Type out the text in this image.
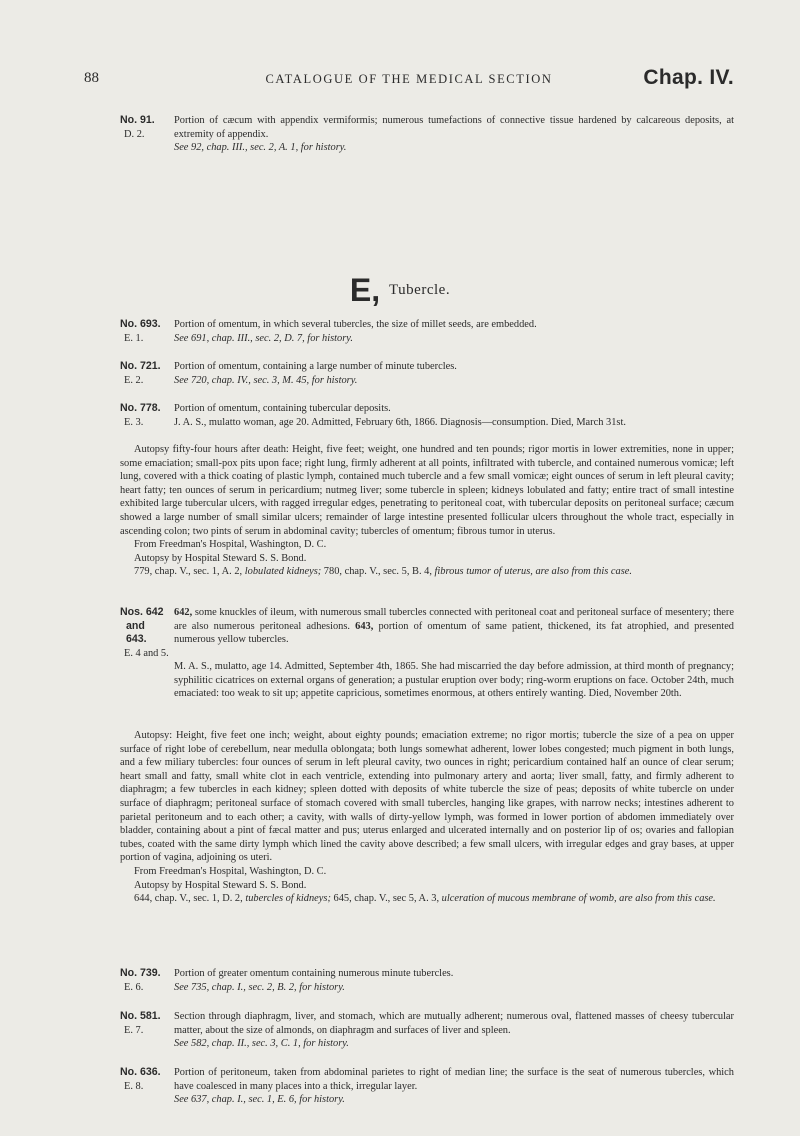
88	CATALOGUE OF THE MEDICAL SECTION	Chap. IV.
No. 91.
D. 2.
Portion of cæcum with appendix vermiformis; numerous tumefactions of connective tissue hardened by calcareous deposits, at extremity of appendix.
See 92, chap. III., sec. 2, A. 1, for history.
E, Tubercle.
No. 693.
E. 1.
Portion of omentum, in which several tubercles, the size of millet seeds, are embedded.
See 691, chap. III., sec. 2, D. 7, for history.
No. 721.
E. 2.
Portion of omentum, containing a large number of minute tubercles.
See 720, chap. IV., sec. 3, M. 45, for history.
No. 778.
E. 3.
Portion of omentum, containing tubercular deposits.
J. A. S., mulatto woman, age 20. Admitted, February 6th, 1866. Diagnosis—consumption. Died, March 31st.
Autopsy fifty-four hours after death: Height, five feet; weight, one hundred and ten pounds; rigor mortis in lower extremities, none in upper; some emaciation; small-pox pits upon face; right lung, firmly adherent at all points, infiltrated with tubercle, and contained numerous vomicæ; left lung, covered with a thick coating of plastic lymph, contained much tubercle and a few small vomicæ; eight ounces of serum in left pleural cavity; heart fatty; ten ounces of serum in pericardium; nutmeg liver; some tubercle in spleen; kidneys lobulated and fatty; entire tract of small intestine exhibited large tubercular ulcers, with ragged irregular edges, penetrating to peritoneal coat, with tubercular deposits on peritoneal surface; cæcum showed a large number of small similar ulcers; remainder of large intestine presented follicular ulcers throughout the whole tract, especially in ascending colon; two pints of serum in abdominal cavity; tubercles of omentum; fibrous tumor in uterus.
From Freedman's Hospital, Washington, D. C.
Autopsy by Hospital Steward S. S. Bond.
779, chap. V., sec. 1, A. 2, lobulated kidneys; 780, chap. V., sec. 5, B. 4, fibrous tumor of uterus, are also from this case.
Nos. 642
and
643.
E. 4 and 5.
642, some knuckles of ileum, with numerous small tubercles connected with peritoneal coat and peritoneal surface of mesentery; there are also numerous peritoneal adhesions. 643, portion of omentum of same patient, thickened, its fat atrophied, and presented numerous yellow tubercles.
M. A. S., mulatto, age 14. Admitted, September 4th, 1865. She had miscarried the day before admission, at third month of pregnancy; syphilitic cicatrices on external organs of generation; a pustular eruption over body; ring-worm eruptions on face. October 24th, much emaciated: too weak to sit up; appetite capricious, sometimes enormous, at others entirely wanting. Died, November 20th.
Autopsy: Height, five feet one inch; weight, about eighty pounds; emaciation extreme; no rigor mortis; tubercle the size of a pea on upper surface of right lobe of cerebellum, near medulla oblongata; both lungs somewhat adherent, lower lobes congested; much pigment in both lungs, and a few miliary tubercles: four ounces of serum in left pleural cavity, two ounces in right; pericardium contained half an ounce of clear serum; heart small and fatty, small white clot in each ventricle, extending into pulmonary artery and aorta; liver small, fatty, and firmly adherent to diaphragm; a few tubercles in each kidney; spleen dotted with deposits of white tubercle the size of peas; deposits of white tubercle on under surface of diaphragm; peritoneal surface of stomach covered with small tubercles, hanging like grapes, with narrow necks; intestines adherent to parietal peritoneum and to each other; a cavity, with walls of dirty-yellow lymph, was formed in lower portion of abdomen immediately over bladder, containing about a pint of fæcal matter and pus; uterus enlarged and ulcerated internally and on posterior lip of os; ovaries and fallopian tubes, coated with the same dirty lymph which lined the cavity above described; a few small ulcers, with irregular edges and gray bases, at upper portion of vagina, adjoining os uteri.
From Freedman's Hospital, Washington, D. C.
Autopsy by Hospital Steward S. S. Bond.
644, chap. V., sec. 1, D. 2, tubercles of kidneys; 645, chap. V., sec 5, A. 3, ulceration of mucous membrane of womb, are also from this case.
No. 739.
E. 6.
Portion of greater omentum containing numerous minute tubercles.
See 735, chap. I., sec. 2, B. 2, for history.
No. 581.
E. 7.
Section through diaphragm, liver, and stomach, which are mutually adherent; numerous oval, flattened masses of cheesy tubercular matter, about the size of almonds, on diaphragm and surfaces of liver and spleen.
See 582, chap. II., sec. 3, C. 1, for history.
No. 636.
E. 8.
Portion of peritoneum, taken from abdominal parietes to right of median line; the surface is the seat of numerous tubercles, which have coalesced in many places into a thick, irregular layer.
See 637, chap. I., sec. 1, E. 6, for history.
